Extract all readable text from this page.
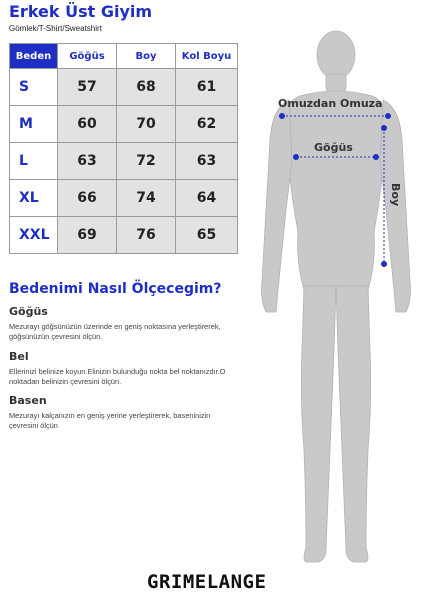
Erkek Üst Giyim
Gömlek/T-Shirt/Sweatshirt
Beden	Göğüs	Boy	Kol Boyu
S	57	68	61
M	60	70	62
L	63	72	63
XL	66	74	64
XXL	69	76	65
Bedenimi Nasıl Ölçecegim?
Göğüs
Mezurayı göğsünüzün üzerinde en geniş noktasına yerleştirerek, göğsünüzün çevresini ölçün.
Bel
Ellerinizi belinize koyun.Elinizin bulunduğu nokta bel noktanızdır.O noktadan belinizin çevresini ölçün.
Basen
Mezurayı kalçanızın en geniş yerine yerleştirerek, baseninizin çevresini ölçün
Omuzdan Omuza
Göğüs
Boy
GRIMELANGE
